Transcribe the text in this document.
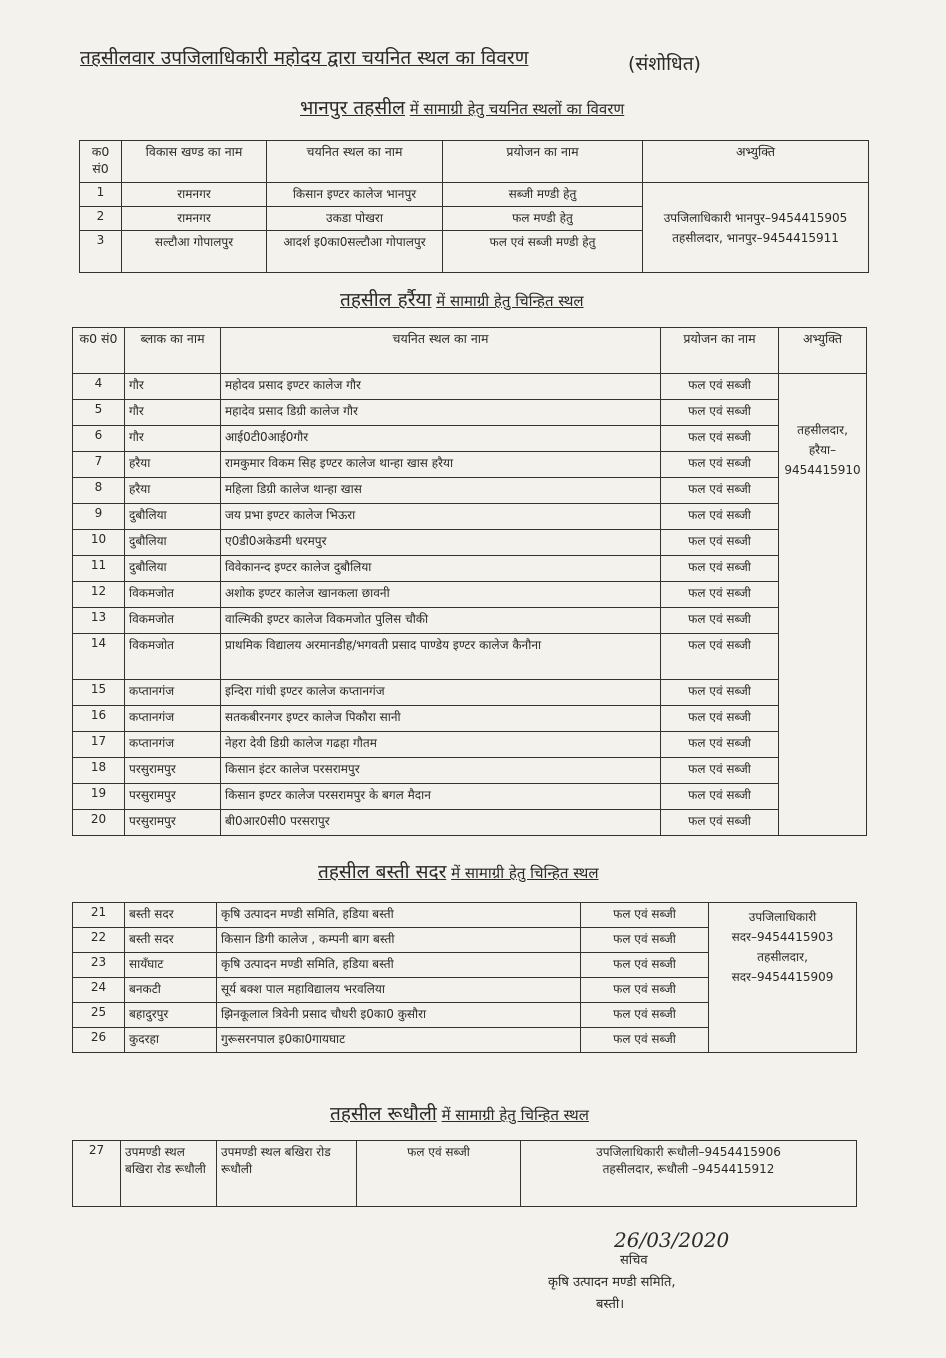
तहसीलवार उपजिलाधिकारी महोदय द्वारा चयनित स्थल का विवरण	(संशोधित)
भानपुर तहसील में सामाग्री हेतु चयनित स्थलों का विवरण
क0 सं0	विकास खण्ड का नाम	चयनित स्थल का नाम	प्रयोजन का नाम	अभ्युक्ति
1	रामनगर	किसान इण्टर कालेज भानपुर	सब्जी मण्डी हेतु	उपजिलाधिकारी भानपुर–9454415905
तहसीलदार, भानपुर–9454415911

2	रामनगर	उकडा पोखरा	फल मण्डी हेतु	
3	सल्टौआ गोपालपुर	आदर्श इ0का0सल्टौआ गोपालपुर	फल एवं सब्जी मण्डी हेतु	
तहसील हर्रैया में सामाग्री हेतु चिन्हित स्थल
क0 सं0	ब्लाक का नाम	चयनित स्थल का नाम	प्रयोजन का नाम	अभ्युक्ति
4	गौर	महोदव प्रसाद इण्टर कालेज गौर	फल एवं सब्जी	तहसीलदार,
हरैया–9454415910

5	गौर	महादेव प्रसाद डिग्री कालेज गौर	फल एवं सब्जी	
6	गौर	आई0टी0आई0गौर	फल एवं सब्जी	
7	हरैया	रामकुमार विकम सिह इण्टर कालेज थान्हा खास हरैया	फल एवं सब्जी	
8	हरैया	महिला डिग्री कालेज थान्हा खास	फल एवं सब्जी	
9	दुबौलिया	जय प्रभा इण्टर कालेज भिऊरा	फल एवं सब्जी	
10	दुबौलिया	ए0डी0अकेडमी धरमपुर	फल एवं सब्जी	
11	दुबौलिया	विवेकानन्द इण्टर कालेज दुबौलिया	फल एवं सब्जी	
12	विकमजोत	अशोक इण्टर कालेज खानकला छावनी	फल एवं सब्जी	
13	विकमजोत	वाल्मिकी इण्टर कालेज विकमजोत पुलिस चौकी	फल एवं सब्जी	
14	विकमजोत	प्राथमिक विद्यालय अरमानडीह/भगवती प्रसाद पाण्डेय इण्टर कालेज कैनौना	फल एवं सब्जी	
15	कप्तानगंज	इन्दिरा गांधी इण्टर कालेज कप्तानगंज	फल एवं सब्जी	
16	कप्तानगंज	सतकबीरनगर इण्टर कालेज पिकौरा सानी	फल एवं सब्जी	
17	कप्तानगंज	नेहरा देवी डिग्री कालेज गढहा गौतम	फल एवं सब्जी	
18	परसुरामपुर	किसान इंटर कालेज परसरामपुर	फल एवं सब्जी	
19	परसुरामपुर	किसान इण्टर कालेज परसरामपुर के बगल मैदान	फल एवं सब्जी	
20	परसुरामपुर	बी0आर0सी0 परसरापुर	फल एवं सब्जी	
तहसील बस्ती सदर में सामाग्री हेतु चिन्हित स्थल
21	बस्ती सदर	कृषि उत्पादन मण्डी समिति, हडिया बस्ती	फल एवं सब्जी	उपजिलाधिकारी
सदर–9454415903
तहसीलदार,
सदर–9454415909

22	बस्ती सदर	किसान डिगी कालेज , कम्पनी बाग बस्ती	फल एवं सब्जी	
23	सायँघाट	कृषि उत्पादन मण्डी समिति, हडिया बस्ती	फल एवं सब्जी	
24	बनकटी	सूर्य बक्श पाल महाविद्यालय भरवलिया	फल एवं सब्जी	
25	बहादुरपुर	झिनकूलाल त्रिवेनी प्रसाद चौधरी इ0का0 कुसौरा	फल एवं सब्जी	
26	कुदरहा	गुरूसरनपाल इ0का0गायघाट	फल एवं सब्जी	
तहसील रूधौली में सामाग्री हेतु चिन्हित स्थल
27	उपमण्डी स्थल बखिरा रोड रूधौली	उपमण्डी स्थल बखिरा रोड रूधौली	फल एवं सब्जी	उपजिलाधिकारी रूधौली–9454415906
तहसीलदार, रूधौली –9454415912
26/03/2020
सचिव
कृषि उत्पादन मण्डी समिति,
बस्ती।
